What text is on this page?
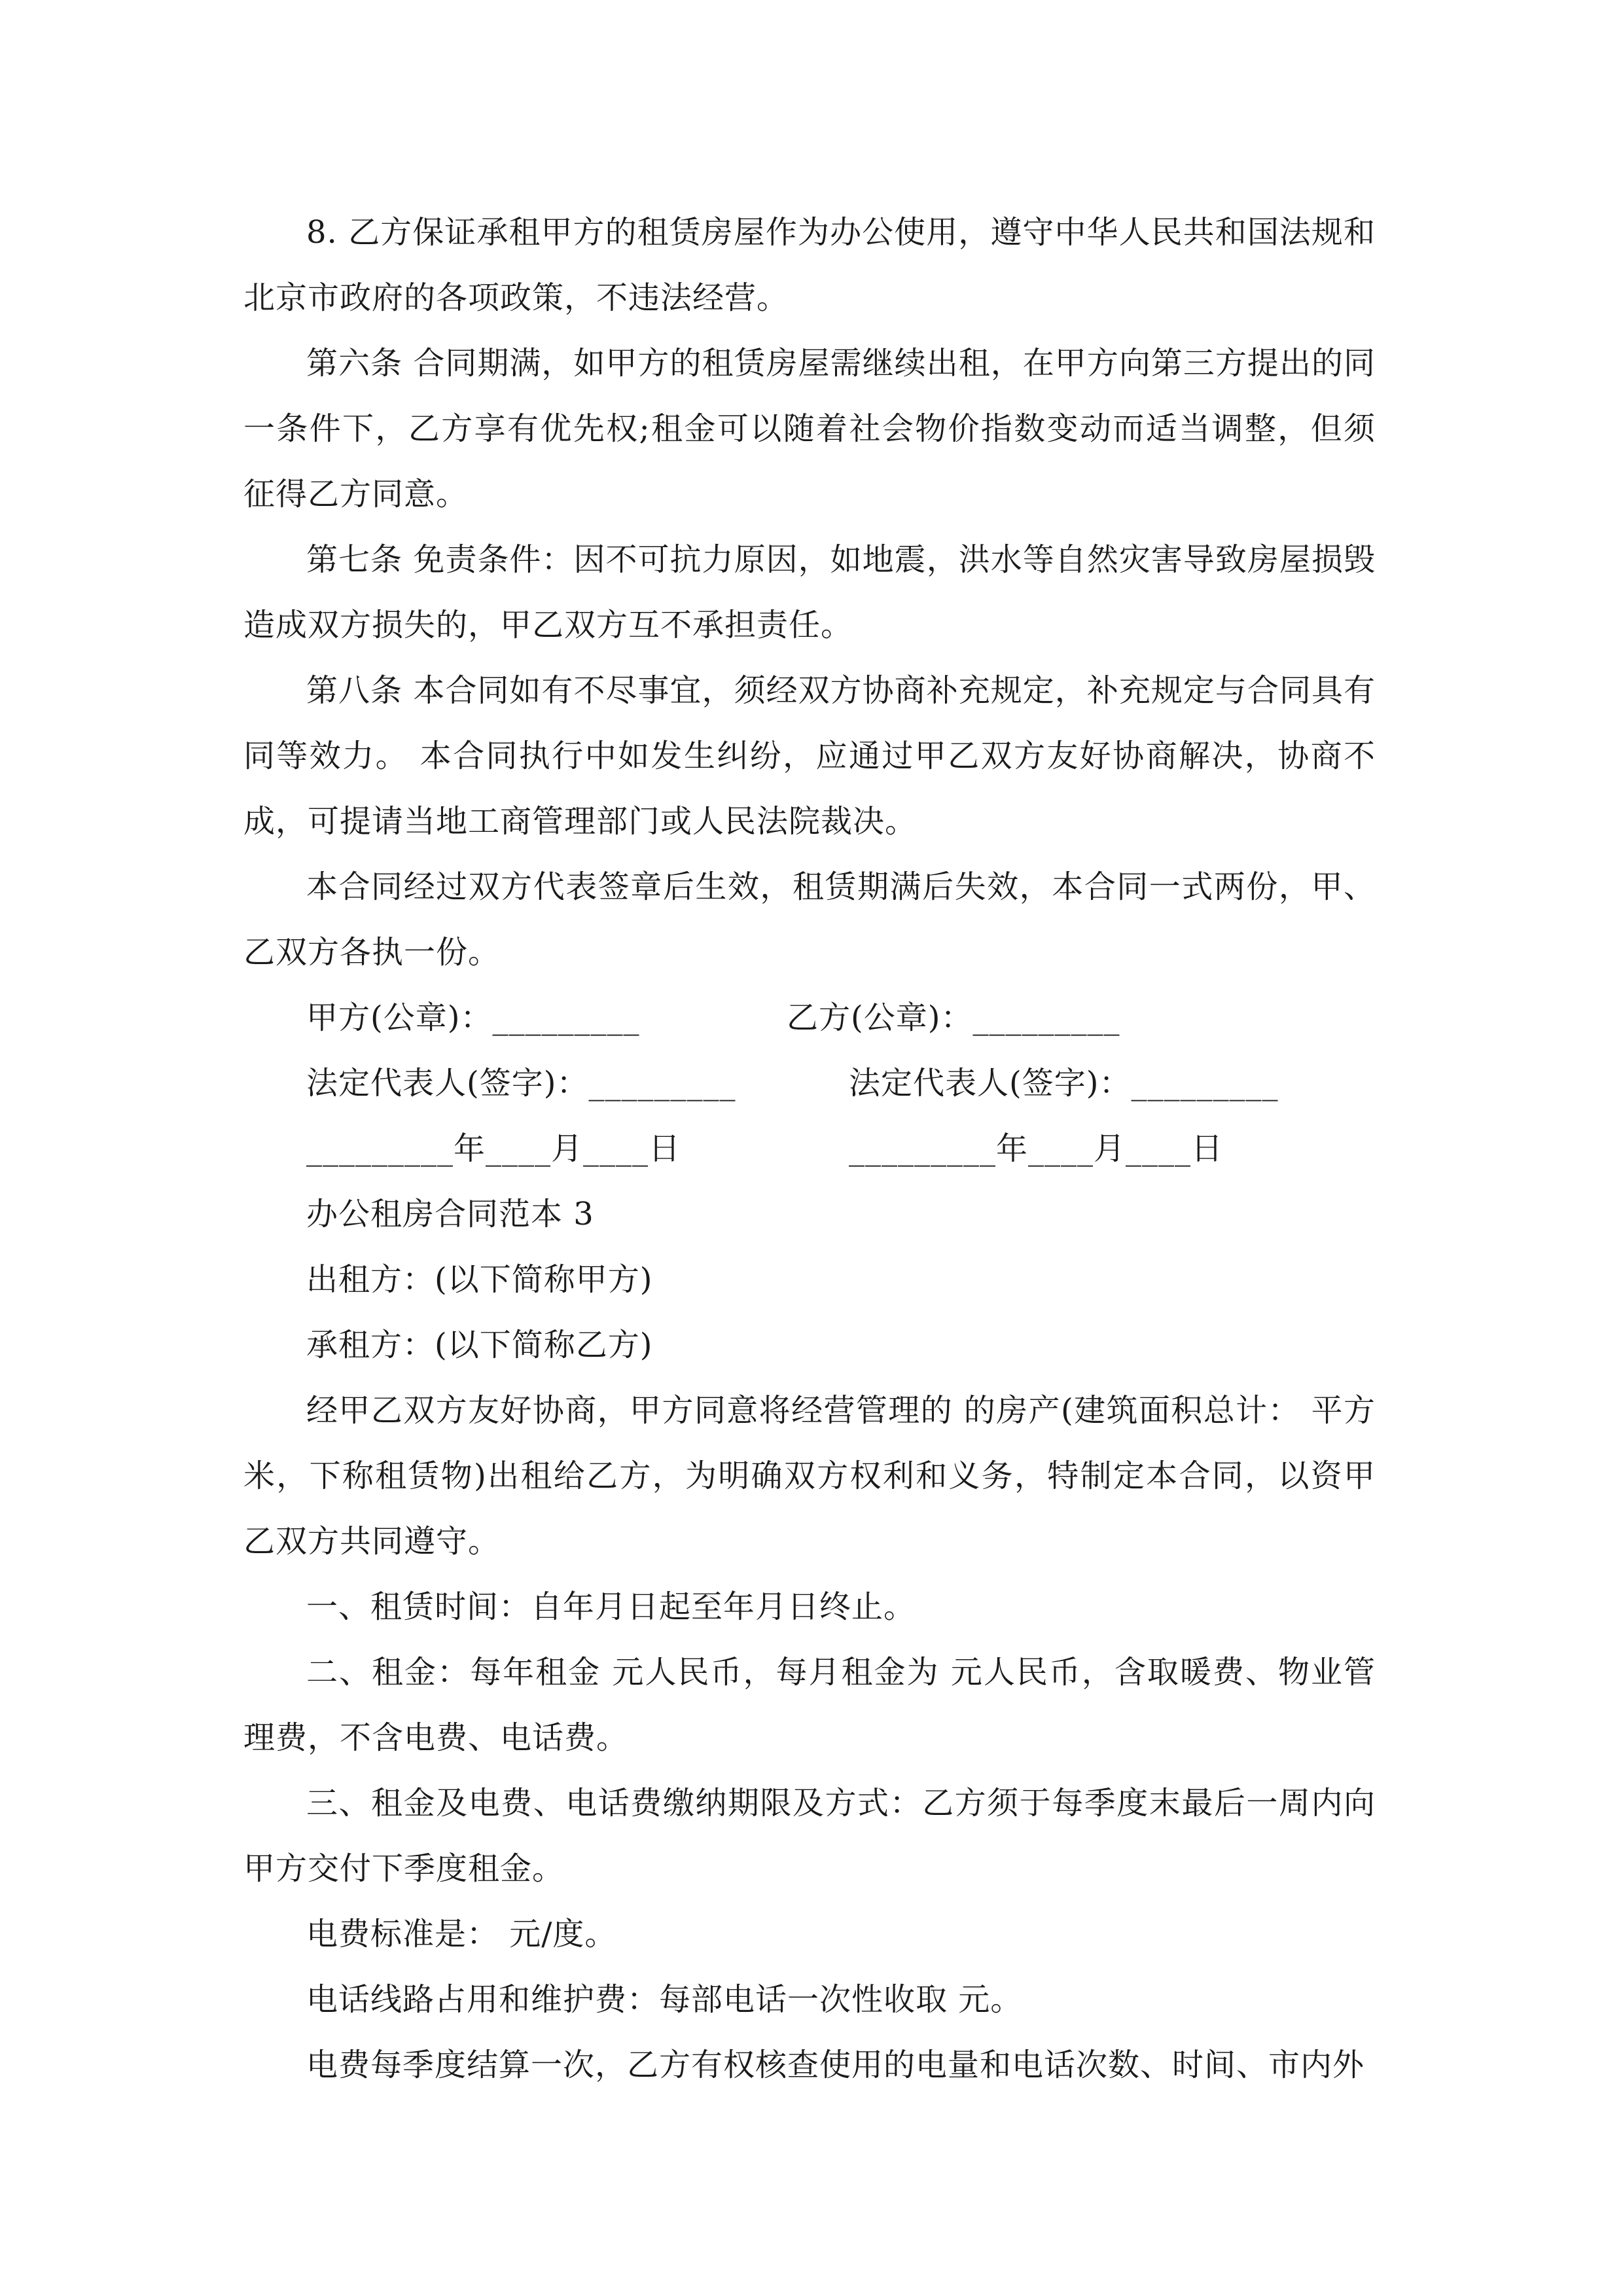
8. 乙方保证承租甲方的租赁房屋作为办公使用，遵守中华人民共和国法规和北京市政府的各项政策，不违法经营。

第六条 合同期满，如甲方的租赁房屋需继续出租，在甲方向第三方提出的同一条件下，乙方享有优先权;租金可以随着社会物价指数变动而适当调整，但须征得乙方同意。

第七条 免责条件：因不可抗力原因，如地震，洪水等自然灾害导致房屋损毁造成双方损失的，甲乙双方互不承担责任。

第八条 本合同如有不尽事宜，须经双方协商补充规定，补充规定与合同具有同等效力。 本合同执行中如发生纠纷，应通过甲乙双方友好协商解决，协商不成，可提请当地工商管理部门或人民法院裁决。

本合同经过双方代表签章后生效，租赁期满后失效，本合同一式两份，甲、乙双方各执一份。

甲方(公章)：_________	乙方(公章)：_________
法定代表人(签字)：_________	法定代表人(签字)：_________
_________年____月____日	_________年____月____日

办公租房合同范本 3

出租方：(以下简称甲方)

承租方：(以下简称乙方)

经甲乙双方友好协商，甲方同意将经营管理的 的房产(建筑面积总计： 平方米，下称租赁物)出租给乙方，为明确双方权利和义务，特制定本合同，以资甲乙双方共同遵守。

一、租赁时间：自年月日起至年月日终止。

二、租金：每年租金 元人民币，每月租金为 元人民币，含取暖费、物业管理费，不含电费、电话费。

三、租金及电费、电话费缴纳期限及方式：乙方须于每季度末最后一周内向甲方交付下季度租金。

电费标准是： 元/度。

电话线路占用和维护费：每部电话一次性收取 元。

电费每季度结算一次，乙方有权核查使用的电量和电话次数、时间、市内外
